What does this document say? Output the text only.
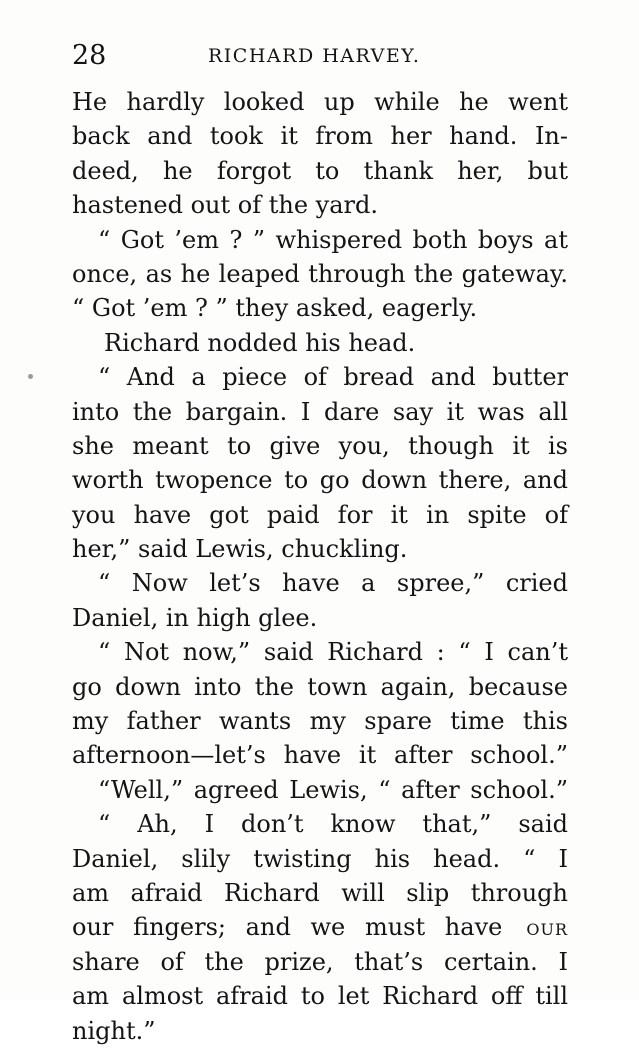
28	RICHARD HARVEY.
He hardly looked up while he went
back and took it from her hand. In-
deed, he forgot to thank her, but
hastened out of the yard.
“ Got ’em ? ” whispered both boys at
once, as he leaped through the gateway.
“ Got ’em ? ” they asked, eagerly.
Richard nodded his head.
“ And a piece of bread and butter
into the bargain. I dare say it was all
she meant to give you, though it is
worth twopence to go down there, and
you have got paid for it in spite of
her,” said Lewis, chuckling.
“ Now let’s have a spree,” cried
Daniel, in high glee.
“ Not now,” said Richard : “ I can’t
go down into the town again, because
my father wants my spare time this
afternoon—let’s have it after school.”
“Well,” agreed Lewis, “ after school.”
“ Ah, I don’t know that,” said
Daniel, slily twisting his head. “ I
am afraid Richard will slip through
our fingers; and we must have  OUR
share of the prize, that’s certain. I
am almost afraid to let Richard off till
night.”
